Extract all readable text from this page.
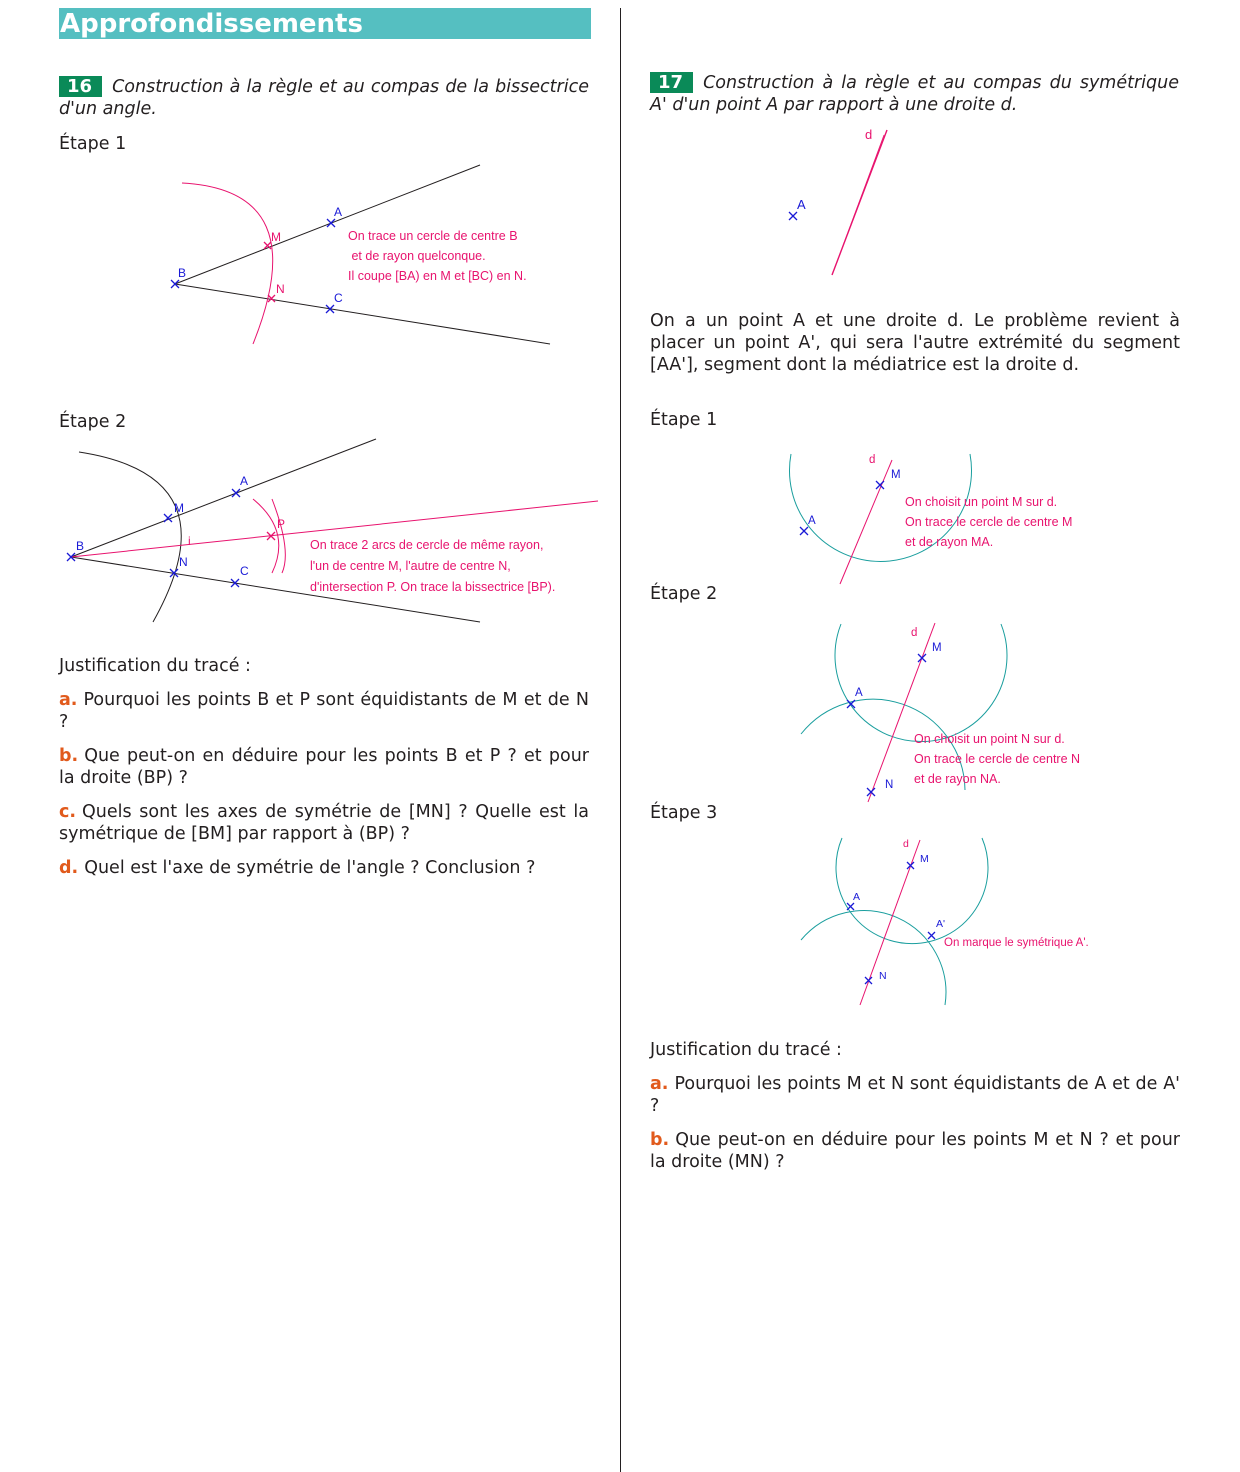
Approfondissements

16 Construction à la règle et au compas de la bissectrice d'un angle.

Étape 1

B
A
C
M
N
On trace un cercle de centre B
et de rayon quelconque.
Il coupe [BA) en M et [BC) en N.

Étape 2

B
A
M
N
C
i
P
On trace 2 arcs de cercle de même rayon,
l'un de centre M, l'autre de centre N,
d'intersection P. On trace la bissectrice [BP).

Justification du tracé :

a. Pourquoi les points B et P sont équidistants de M et de N ?

b. Que peut-on en déduire pour les points B et P ? et pour la droite (BP) ?

c. Quels sont les axes de symétrie de [MN] ? Quelle est la symétrique de [BM] par rapport à (BP) ?

d. Quel est l'axe de symétrie de l'angle ? Conclusion ?

17 Construction à la règle et au compas du symétrique A' d'un point A par rapport à une droite d.

d
A

On a un point A et une droite d. Le problème revient à placer un point A', qui sera l'autre extrémité du segment [AA'], segment dont la médiatrice est la droite d.

Étape 1

d
M
A
On choisit un point M sur d.
On trace le cercle de centre M
et de rayon MA.

Étape 2

d
M
A
N
On choisit un point N sur d.
On trace le cercle de centre N
et de rayon NA.

Étape 3

d
M
A
A'
N
On marque le symétrique A'.

Justification du tracé :

a. Pourquoi les points M et N sont équidistants de A et de A' ?

b. Que peut-on en déduire pour les points M et N ? et pour la droite (MN) ?
